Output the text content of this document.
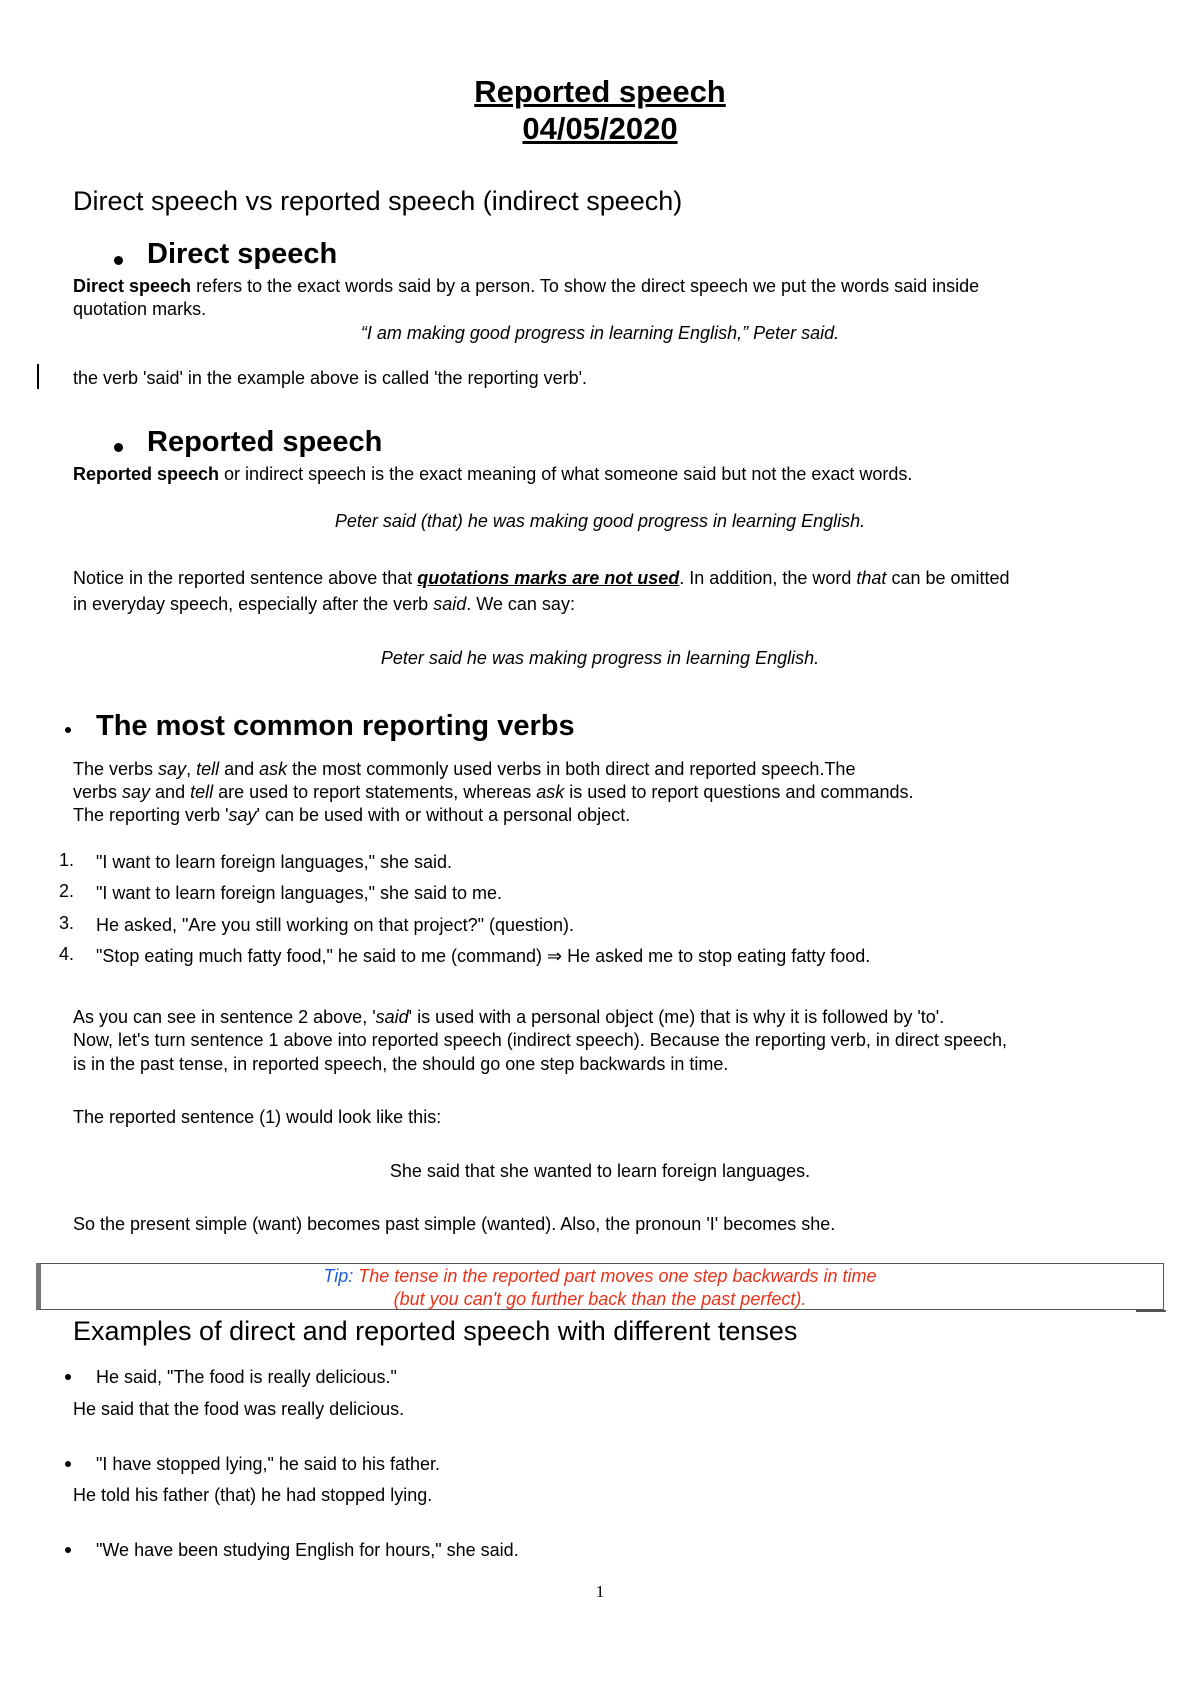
Reported speech
04/05/2020
Direct speech vs reported speech (indirect speech)
Direct speech
Direct speech refers to the exact words said by a person. To show the direct speech we put the words said inside
quotation marks.
“I am making good progress in learning English,” Peter said.
the verb 'said' in the example above is called 'the reporting verb'.
Reported speech
Reported speech or indirect speech is the exact meaning of what someone said but not the exact words.
Peter said (that) he was making good progress in learning English.
Notice in the reported sentence above that quotations marks are not used. In addition, the word that can be omitted
in everyday speech, especially after the verb said. We can say:
Peter said he was making progress in learning English.
The most common reporting verbs
The verbs say, tell and ask the most commonly used verbs in both direct and reported speech.The
verbs say and tell are used to report statements, whereas ask is used to report questions and commands.
The reporting verb 'say' can be used with or without a personal object.
1. "I want to learn foreign languages," she said.
2. "I want to learn foreign languages," she said to me.
3. He asked, "Are you still working on that project?" (question).
4. "Stop eating much fatty food," he said to me (command) ⇒ He asked me to stop eating fatty food.
As you can see in sentence 2 above, 'said' is used with a personal object (me) that is why it is followed by 'to'.
Now, let's turn sentence 1 above into reported speech (indirect speech). Because the reporting verb, in direct speech,
is in the past tense, in reported speech, the should go one step backwards in time.
The reported sentence (1) would look like this:
She said that she wanted to learn foreign languages.
So the present simple (want) becomes past simple (wanted). Also, the pronoun 'I' becomes she.
Tip: The tense in the reported part moves one step backwards in time
(but you can't go further back than the past perfect).
Examples of direct and reported speech with different tenses
He said, "The food is really delicious."
He said that the food was really delicious.
"I have stopped lying," he said to his father.
He told his father (that) he had stopped lying.
"We have been studying English for hours," she said.
1
